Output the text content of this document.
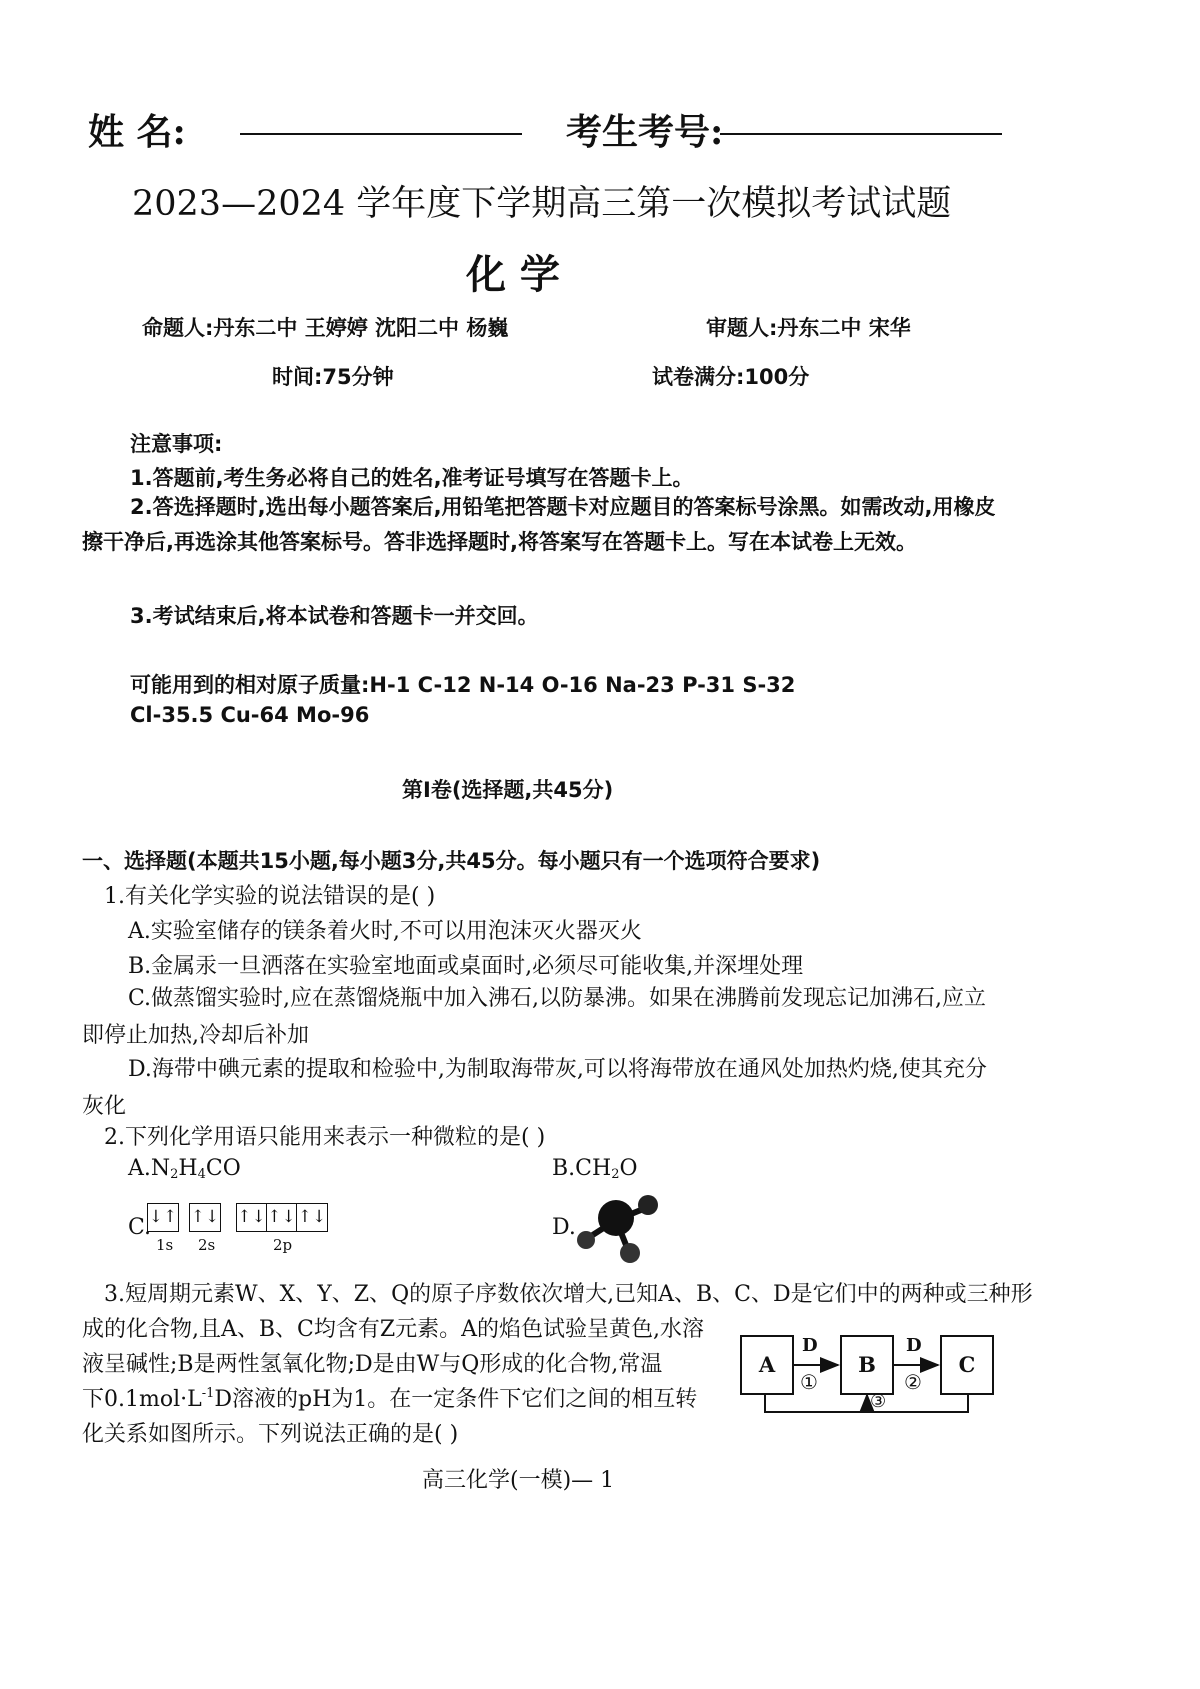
姓 名:	考生考号:
2023—2024 学年度下学期高三第一次模拟考试试题
化 学
命题人:丹东二中 王婷婷 沈阳二中 杨巍	审题人:丹东二中 宋华
时间:75分钟	试卷满分:100分
注意事项:
1.答题前,考生务必将自己的姓名,准考证号填写在答题卡上。
2.答选择题时,选出每小题答案后,用铅笔把答题卡对应题目的答案标号涂黑。如需改动,用橡皮擦干净后,再选涂其他答案标号。答非选择题时,将答案写在答题卡上。写在本试卷上无效。
3.考试结束后,将本试卷和答题卡一并交回。
可能用到的相对原子质量:H-1 C-12 N-14 O-16 Na-23 P-31 S-32
Cl-35.5 Cu-64 Mo-96
第Ⅰ卷(选择题,共45分)
一、选择题(本题共15小题,每小题3分,共45分。每小题只有一个选项符合要求)
1.有关化学实验的说法错误的是( )
A.实验室储存的镁条着火时,不可以用泡沫灭火器灭火
B.金属汞一旦洒落在实验室地面或桌面时,必须尽可能收集,并深埋处理
C.做蒸馏实验时,应在蒸馏烧瓶中加入沸石,以防暴沸。如果在沸腾前发现忘记加沸石,应立即停止加热,冷却后补加
D.海带中碘元素的提取和检验中,为制取海带灰,可以将海带放在通风处加热灼烧,使其充分灰化
2.下列化学用语只能用来表示一种微粒的是( )
$A.N_2H_4CO$	$B.CH_2O$
C.
↓↑ ↑↓ ↑↓↑↓ ↑↓
1s 2s	2p
D.
3.短周期元素W、X、Y、Z、Q的原子序数依次增大,已知A、B、C、D是它们中的两种或三种形
成的化合物,且A、B、C均含有Z元素。A的焰色试验呈黄色,水溶
液呈碱性;B是两性氢氧化物;D是由W与Q形成的化合物,常温
下$0.1mol\cdot L^{-1}D$溶液的pH为1。在一定条件下它们之间的相互转
化关系如图所示。下列说法正确的是( )
A	B	C
D	D
①	②
③
高三化学(一模)— 1
